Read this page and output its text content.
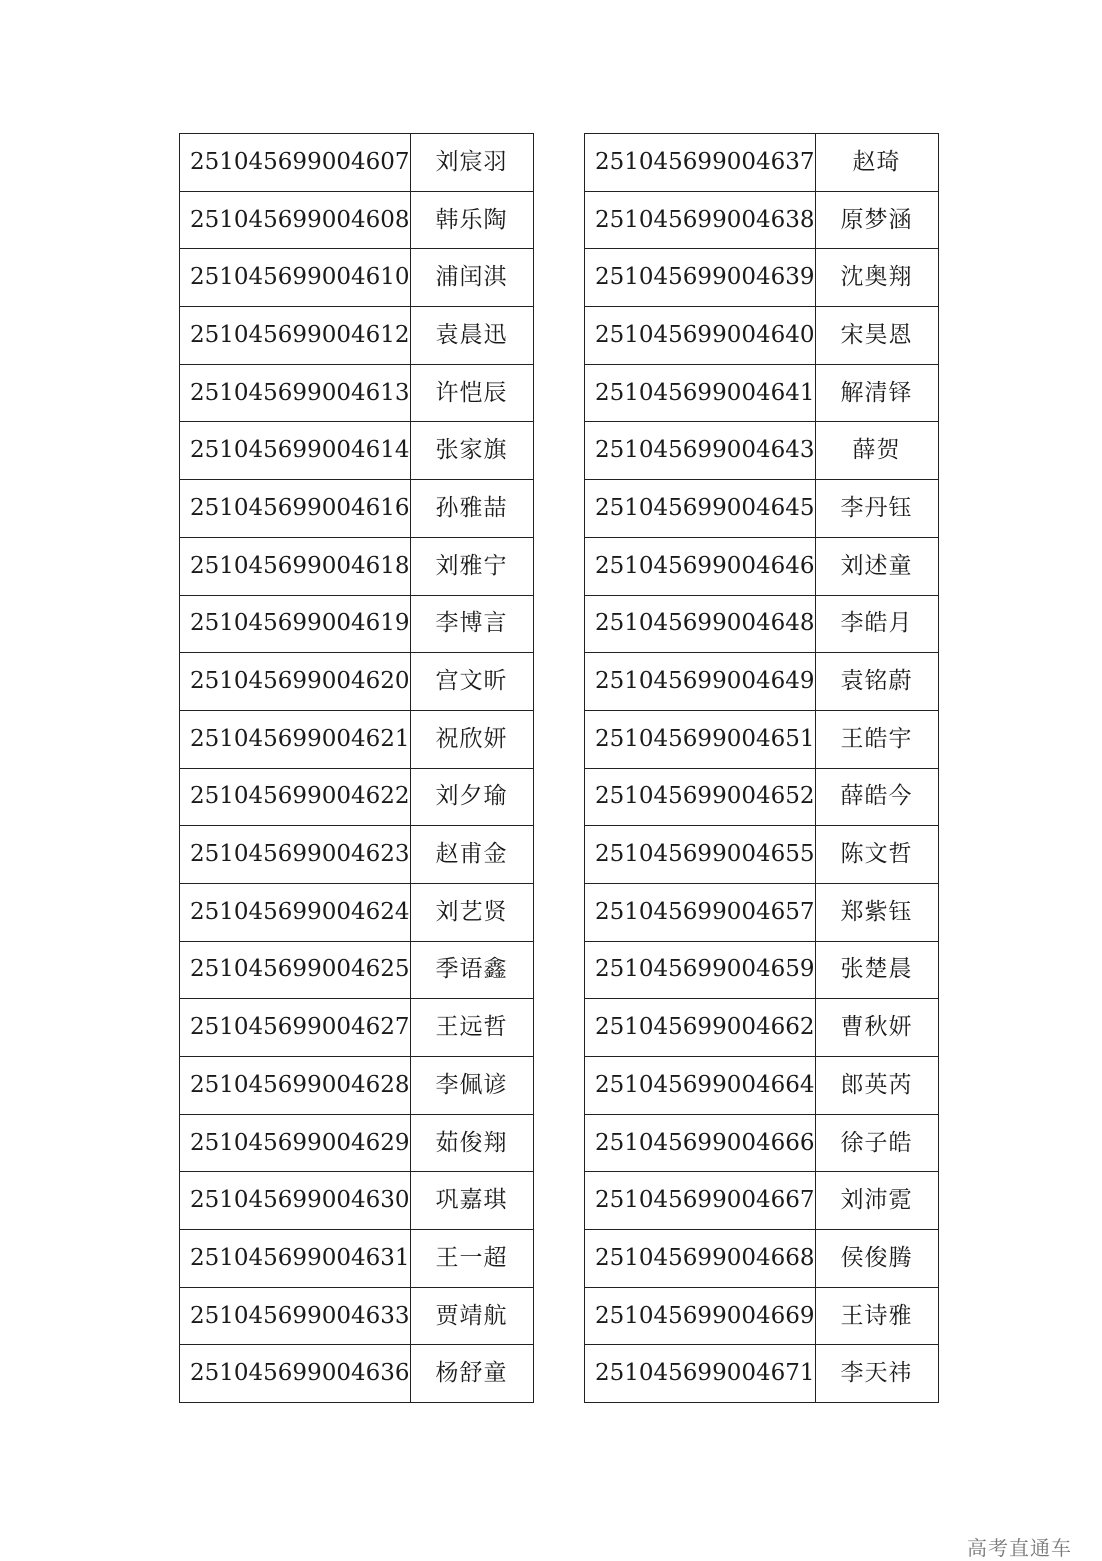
251045699004607	刘宸羽
251045699004608	韩乐陶
251045699004610	浦闰淇
251045699004612	袁晨迅
251045699004613	许恺辰
251045699004614	张家旗
251045699004616	孙雅喆
251045699004618	刘雅宁
251045699004619	李博言
251045699004620	宫文昕
251045699004621	祝欣妍
251045699004622	刘夕瑜
251045699004623	赵甫金
251045699004624	刘艺贤
251045699004625	季语鑫
251045699004627	王远哲
251045699004628	李佩谚
251045699004629	茹俊翔
251045699004630	巩嘉琪
251045699004631	王一超
251045699004633	贾靖航
251045699004636	杨舒童
251045699004637	赵琦
251045699004638	原梦涵
251045699004639	沈奥翔
251045699004640	宋昊恩
251045699004641	解清铎
251045699004643	薛贺
251045699004645	李丹钰
251045699004646	刘述童
251045699004648	李皓月
251045699004649	袁铭蔚
251045699004651	王皓宇
251045699004652	薛皓今
251045699004655	陈文哲
251045699004657	郑紫钰
251045699004659	张楚晨
251045699004662	曹秋妍
251045699004664	郎英芮
251045699004666	徐子皓
251045699004667	刘沛霓
251045699004668	侯俊腾
251045699004669	王诗雅
251045699004671	李天祎
高考直通车
